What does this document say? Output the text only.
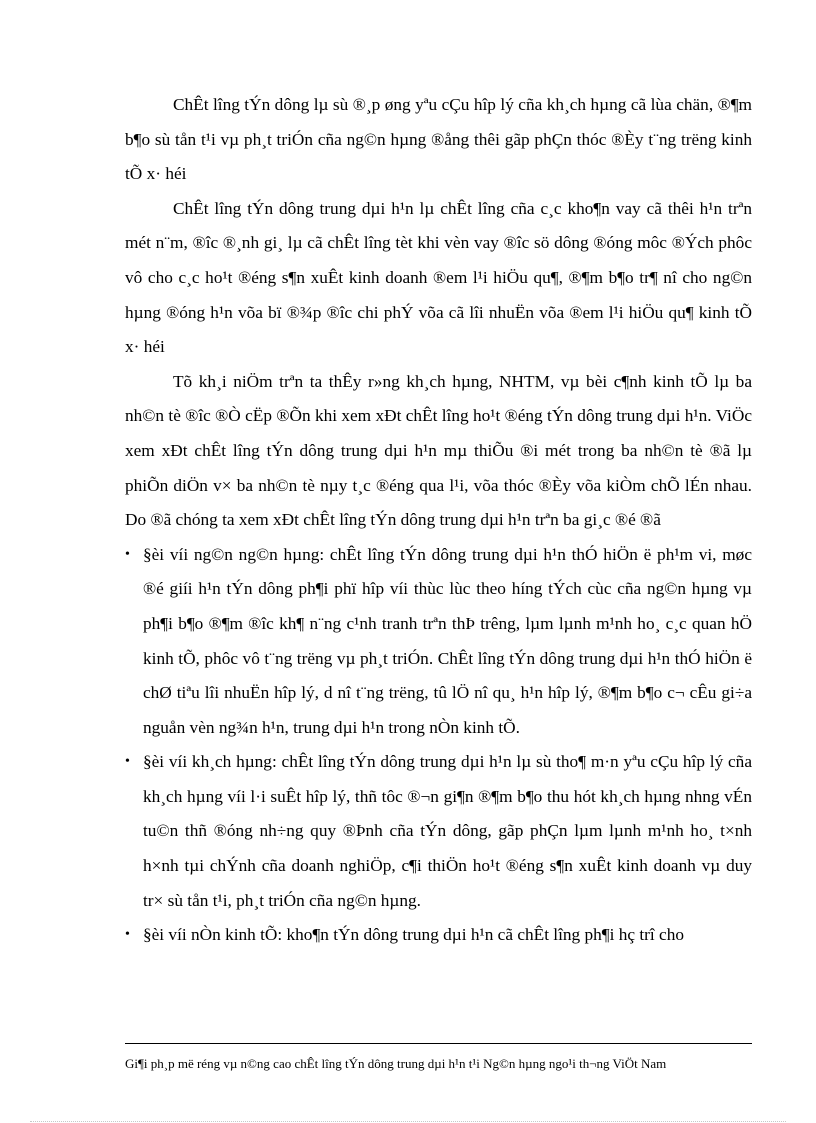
ChÊt lîng tÝn dông lµ sù ®¸p øng yªu cÇu hîp lý cña kh¸ch hµng cã lùa chän, ®¶m b¶o sù tån t¹i vµ ph¸t triÓn cña ng©n hµng ®ång thêi gãp phÇn thóc ®Èy t¨ng trëng kinh tÕ x· héi

ChÊt lîng tÝn dông trung dµi h¹n lµ chÊt lîng cña c¸c kho¶n vay cã thêi h¹n trªn mét n¨m, ®îc ®¸nh gi¸ lµ cã chÊt lîng tèt khi vèn vay ®îc sö dông ®óng môc ®Ých phôc vô cho c¸c ho¹t ®éng s¶n xuÊt kinh doanh ®em l¹i hiÖu qu¶, ®¶m b¶o tr¶ nî cho ng©n hµng ®óng h¹n võa bï ®¾p ®îc chi phÝ võa cã lîi nhuËn võa ®em l¹i hiÖu qu¶ kinh tÕ x· héi

Tõ kh¸i niÖm trªn ta thÊy r»ng kh¸ch hµng, NHTM, vµ bèi c¶nh kinh tÕ lµ ba nh©n tè ®îc ®Ò cËp ®Õn khi xem xÐt chÊt lîng ho¹t ®éng tÝn dông trung dµi h¹n. ViÖc xem xÐt chÊt lîng tÝn dông trung dµi h¹n mµ thiÕu ®i mét trong ba nh©n tè ®ã lµ phiÕn diÖn v× ba nh©n tè nµy t¸c ®éng qua l¹i, võa thóc ®Èy võa kiÒm chÕ lÉn nhau. Do ®ã chóng ta xem xÐt chÊt lîng tÝn dông trung dµi h¹n trªn ba gi¸c ®é ®ã

• §èi víi ng©n ng©n hµng: chÊt lîng tÝn dông trung dµi h¹n thÓ hiÖn ë ph¹m vi, møc ®é giíi h¹n tÝn dông ph¶i phï hîp víi thùc lùc theo híng tÝch cùc cña ng©n hµng vµ ph¶i b¶o ®¶m ®îc kh¶ n¨ng c¹nh tranh trªn thÞ trêng, lµm lµnh m¹nh ho¸ c¸c quan hÖ kinh tÕ, phôc vô t¨ng trëng vµ ph¸t triÓn. ChÊt lîng tÝn dông trung dµi h¹n thÓ hiÖn ë chØ tiªu lîi nhuËn hîp lý, d nî t¨ng trëng, tû lÖ nî qu¸ h¹n hîp lý, ®¶m b¶o c¬ cÊu gi÷a nguån vèn ng¾n h¹n, trung dµi h¹n trong nÒn kinh tÕ.
• §èi víi kh¸ch hµng: chÊt lîng tÝn dông trung dµi h¹n lµ sù tho¶ m·n yªu cÇu hîp lý cña kh¸ch hµng víi l·i suÊt hîp lý, thñ tôc ®¬n gi¶n ®¶m b¶o thu hót kh¸ch hµng nhng vÉn tu©n thñ ®óng nh÷ng quy ®Þnh cña tÝn dông, gãp phÇn lµm lµnh m¹nh ho¸ t×nh h×nh tµi chÝnh cña doanh nghiÖp, c¶i thiÖn ho¹t ®éng s¶n xuÊt kinh doanh vµ duy tr× sù tån t¹i, ph¸t triÓn cña ng©n hµng.
• §èi víi nÒn kinh tÕ: kho¶n tÝn dông trung dµi h¹n cã chÊt lîng ph¶i hç trî cho
Gi¶i ph¸p më réng vµ n©ng cao chÊt lîng tÝn dông trung dµi h¹n t¹i Ng©n hµng ngo¹i th¬ng ViÖt Nam
